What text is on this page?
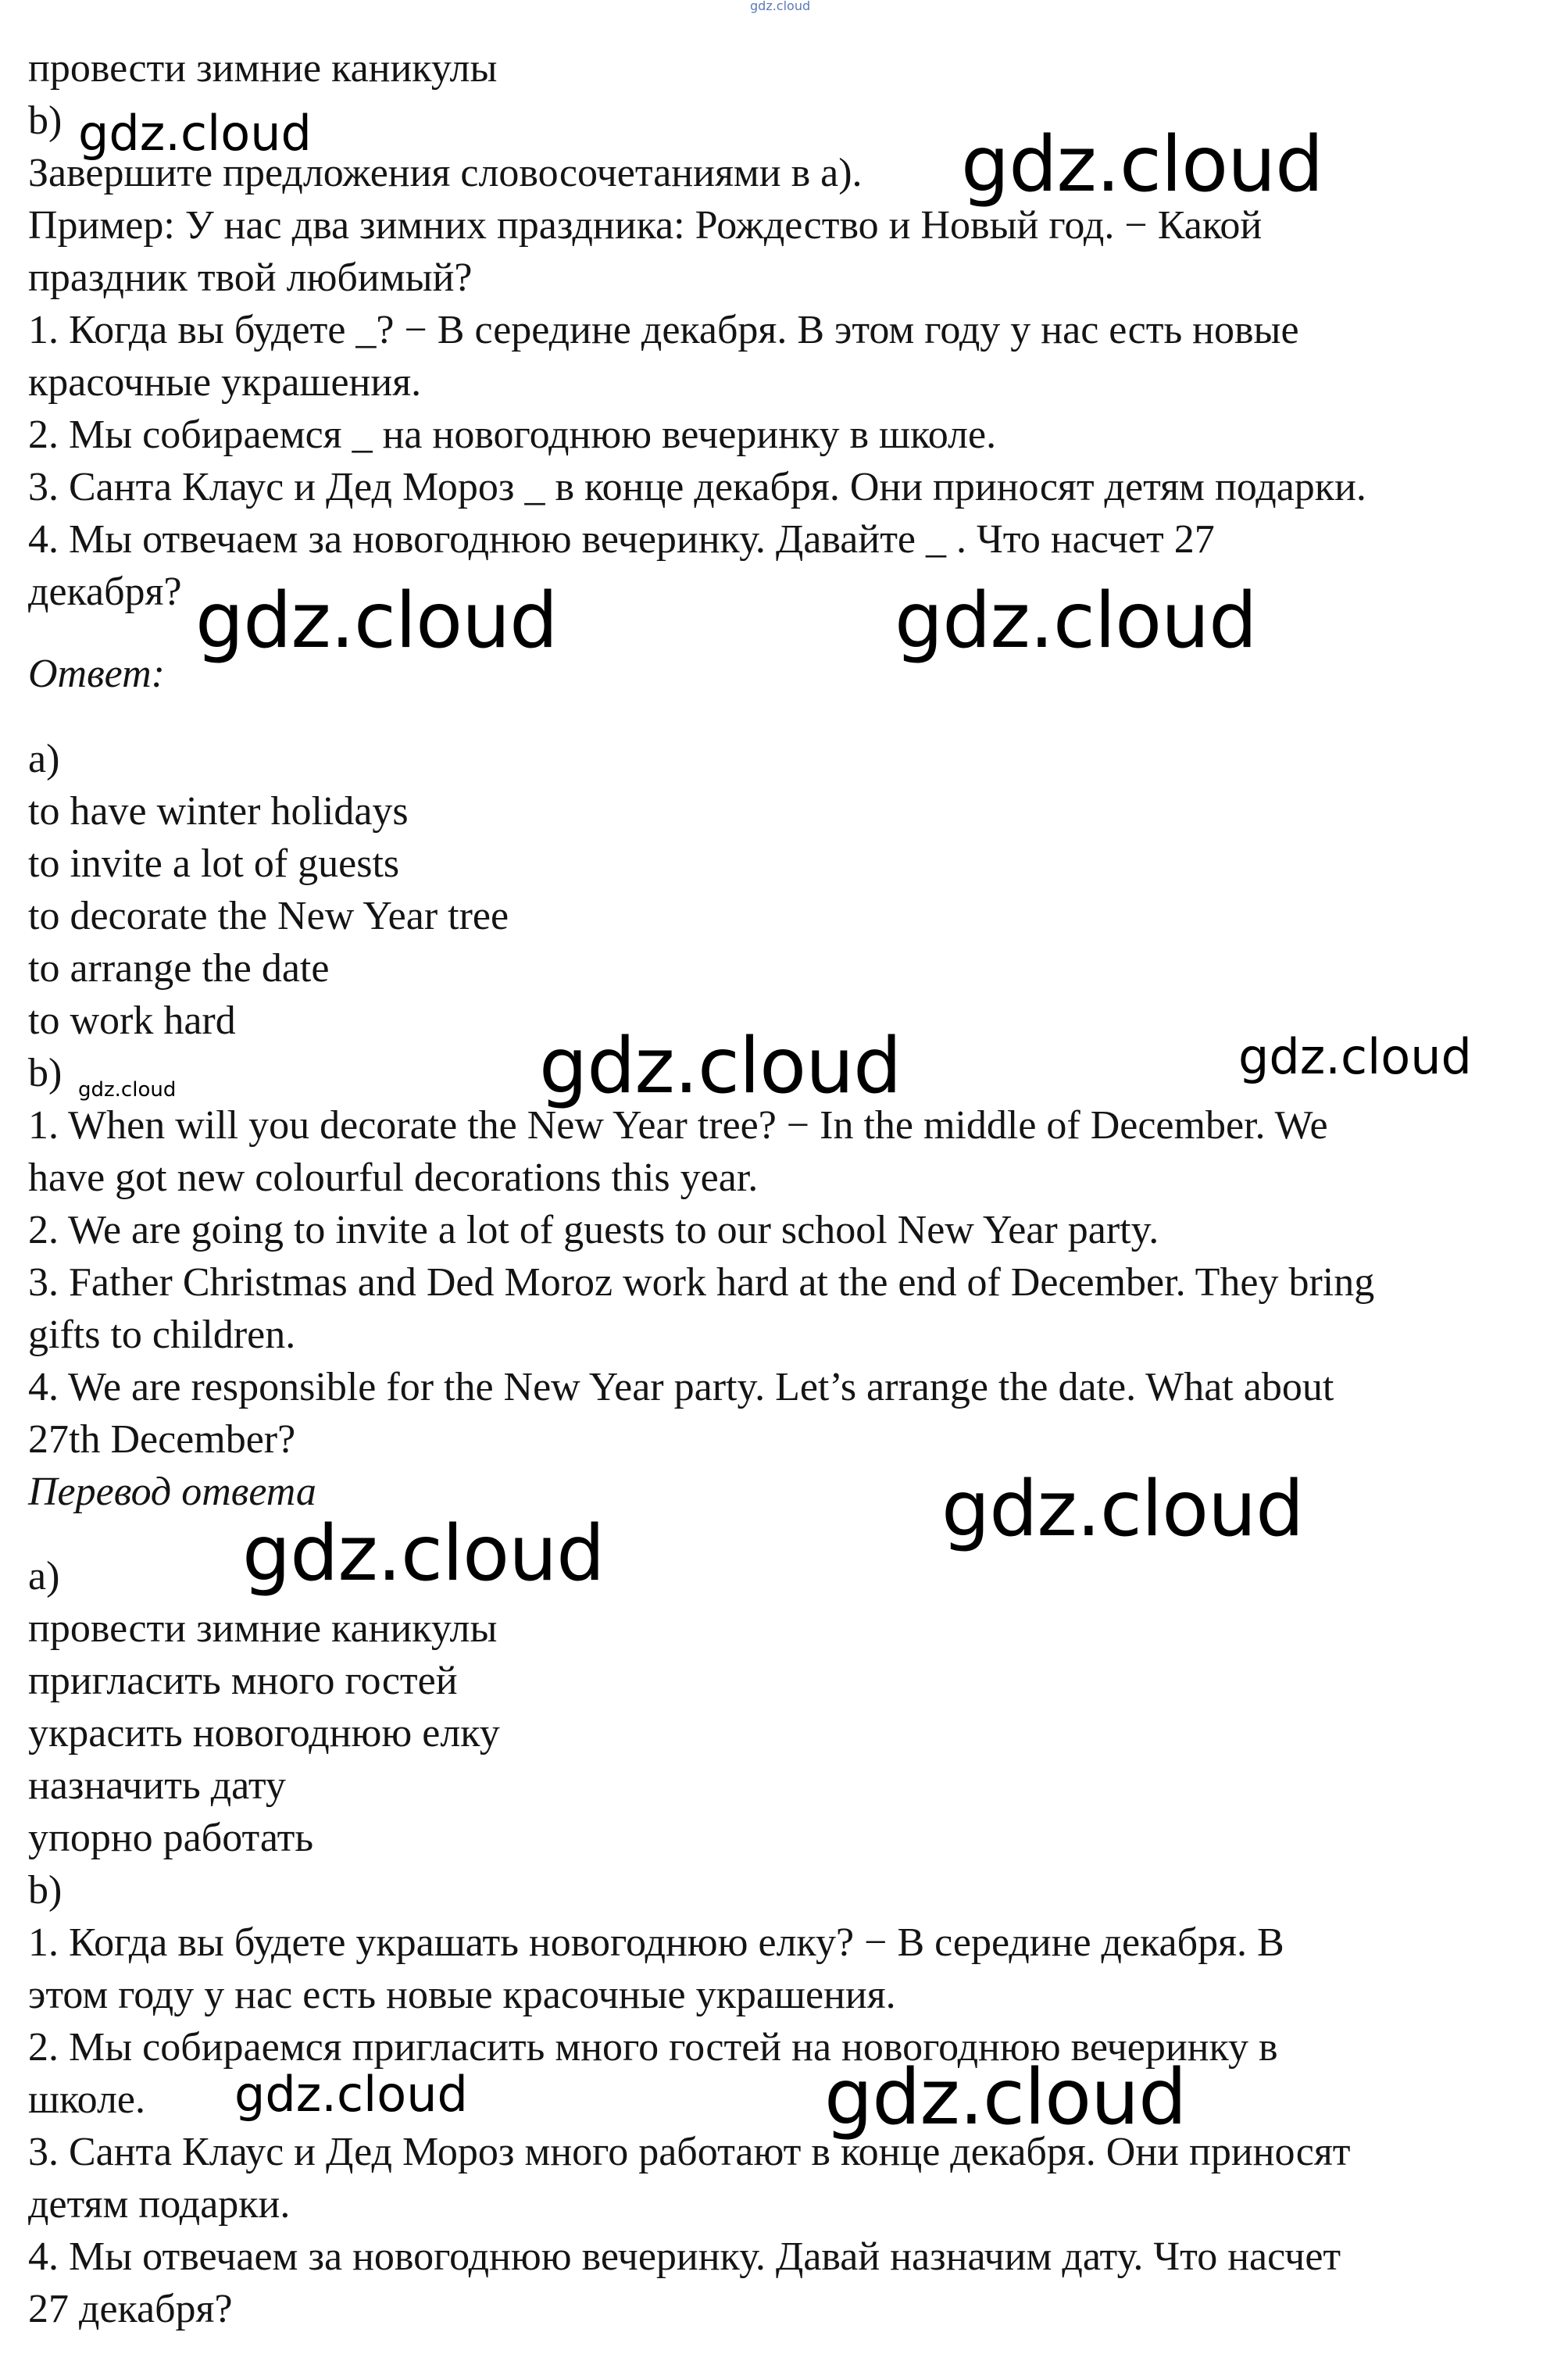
gdz.cloud

провести зимние каникулы

b)

Завершите предложения словосочетаниями в а).

Пример: У нас два зимних праздника: Рождество и Новый год. − Какой

праздник твой любимый?

1. Когда вы будете _? − В середине декабря. В этом году у нас есть новые

красочные украшения.

2. Мы собираемся _ на новогоднюю вечеринку в школе.

3. Санта Клаус и Дед Мороз _ в конце декабря. Они приносят детям подарки.

4. Мы отвечаем за новогоднюю вечеринку. Давайте _ . Что насчет 27

декабря?

Ответ:

а)

to have winter holidays

to invite a lot of guests

to decorate the New Year tree

to arrange the date

to work hard

b)

1. When will you decorate the New Year tree? − In the middle of December. We

have got new colourful decorations this year.

2. We are going to invite a lot of guests to our school New Year party.

3. Father Christmas and Ded Moroz work hard at the end of December. They bring

gifts to children.

4. We are responsible for the New Year party. Let’s arrange the date. What about

27th December?

Перевод ответа

а)

провести зимние каникулы

пригласить много гостей

украсить новогоднюю елку

назначить дату

упорно работать

b)

1. Когда вы будете украшать новогоднюю елку? − В середине декабря. В

этом году у нас есть новые красочные украшения.

2. Мы собираемся пригласить много гостей на новогоднюю вечеринку в

школе.

3. Санта Клаус и Дед Мороз много работают в конце декабря. Они приносят

детям подарки.

4. Мы отвечаем за новогоднюю вечеринку. Давай назначим дату. Что насчет

27 декабря?

gdz.cloud	gdz.cloud

gdz.cloud	gdz.cloud

gdz.cloud	gdz.cloud

gdz.cloud

gdz.cloud

gdz.cloud

gdz.cloud	gdz.cloud
